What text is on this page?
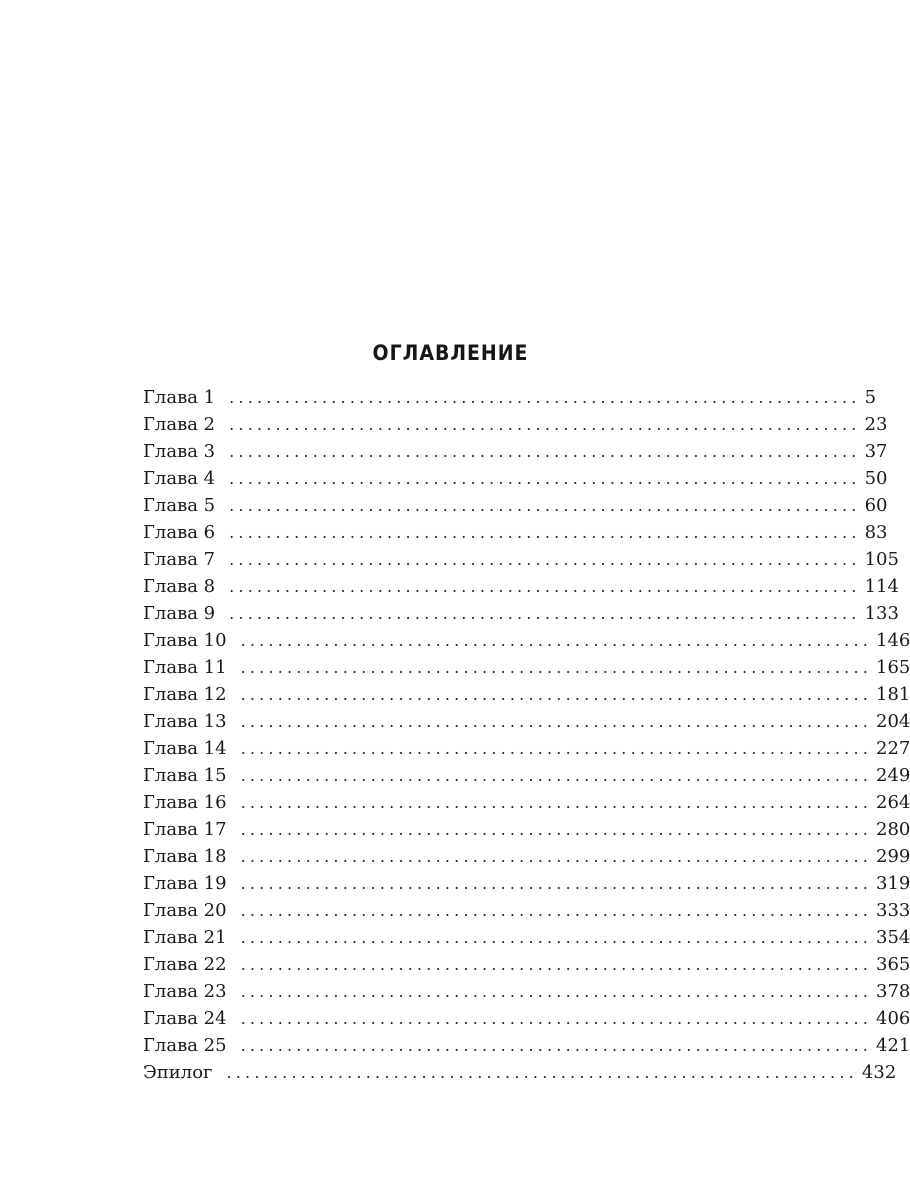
ОГЛАВЛЕНИЕ
Глава 1 .................................................................... 5
Глава 2 .................................................................... 23
Глава 3 .................................................................... 37
Глава 4 .................................................................... 50
Глава 5 .................................................................... 60
Глава 6 .................................................................... 83
Глава 7 .................................................................... 105
Глава 8 .................................................................... 114
Глава 9 .................................................................... 133
Глава 10 .................................................................... 146
Глава 11 .................................................................... 165
Глава 12 .................................................................... 181
Глава 13 .................................................................... 204
Глава 14 .................................................................... 227
Глава 15 .................................................................... 249
Глава 16 .................................................................... 264
Глава 17 .................................................................... 280
Глава 18 .................................................................... 299
Глава 19 .................................................................... 319
Глава 20 .................................................................... 333
Глава 21 .................................................................... 354
Глава 22 .................................................................... 365
Глава 23 .................................................................... 378
Глава 24 .................................................................... 406
Глава 25 .................................................................... 421
Эпилог .................................................................... 432
